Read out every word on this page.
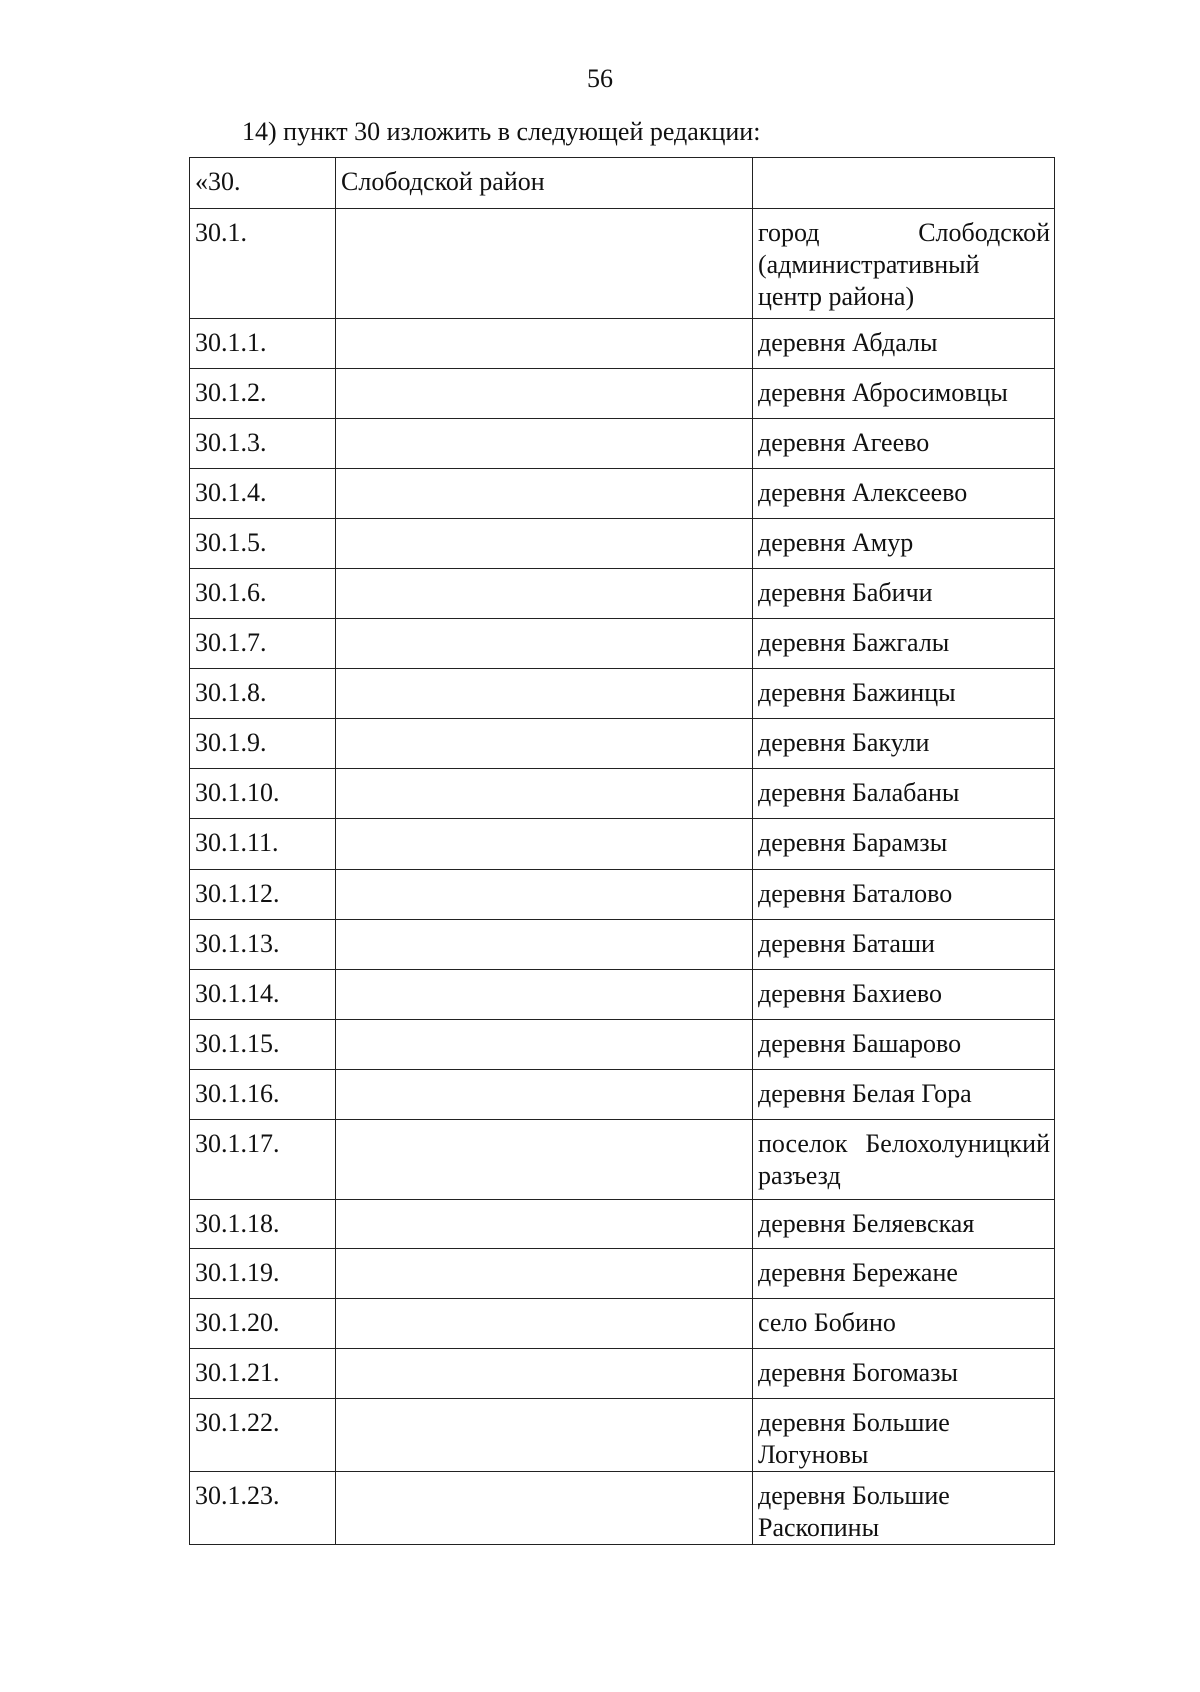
56
14) пункт 30 изложить в следующей редакции:
«30.	Слободской район	
30.1.		город Слободской (административный центр района)
30.1.1.		деревня Абдалы
30.1.2.		деревня Абросимовцы
30.1.3.		деревня Агеево
30.1.4.		деревня Алексеево
30.1.5.		деревня Амур
30.1.6.		деревня Бабичи
30.1.7.		деревня Бажгалы
30.1.8.		деревня Бажинцы
30.1.9.		деревня Бакули
30.1.10.		деревня Балабаны
30.1.11.		деревня Барамзы
30.1.12.		деревня Баталово
30.1.13.		деревня Баташи
30.1.14.		деревня Бахиево
30.1.15.		деревня Башарово
30.1.16.		деревня Белая Гора
30.1.17.		поселок Белохолуницкий разъезд
30.1.18.		деревня Беляевская
30.1.19.		деревня Бережане
30.1.20.		село Бобино
30.1.21.		деревня Богомазы
30.1.22.		деревня Большие Логуновы
30.1.23.		деревня Большие Раскопины
